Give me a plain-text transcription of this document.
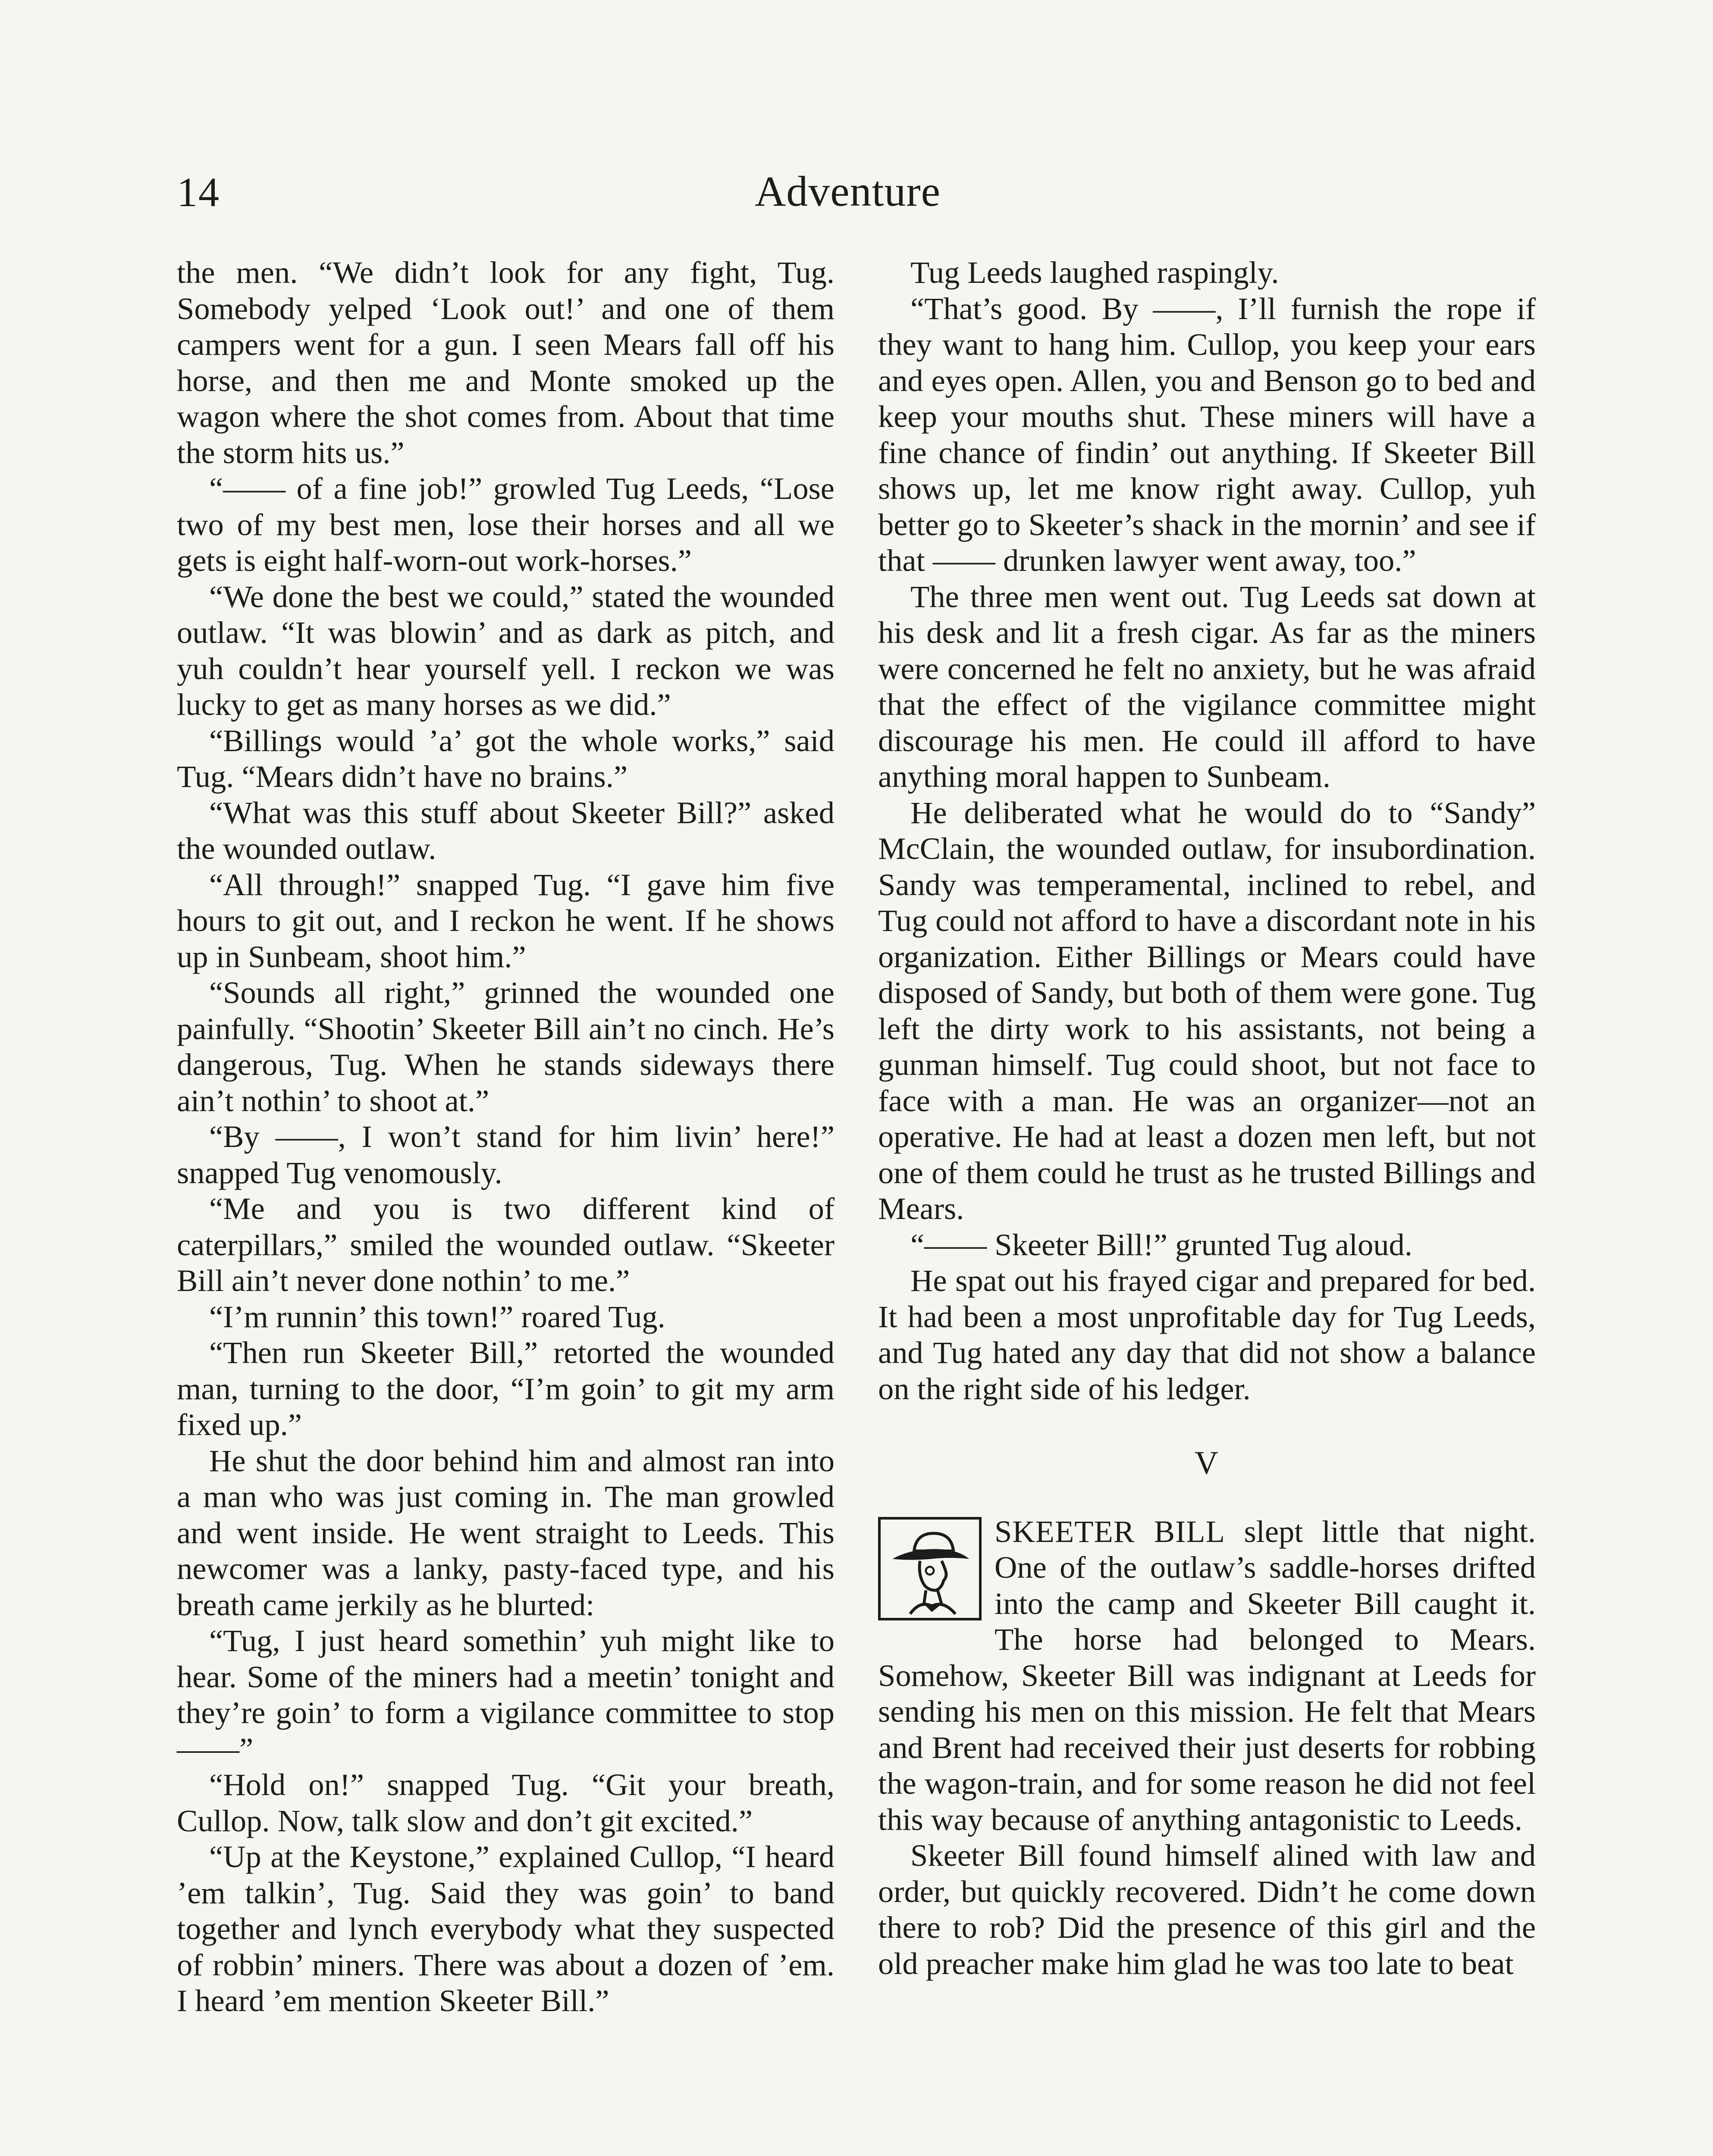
14	Adventure

the men. “We didn’t look for any fight, Tug. Somebody yelped ‘Look out!’ and one of them campers went for a gun. I seen Mears fall off his horse, and then me and Monte smoked up the wagon where the shot comes from. About that time the storm hits us.”

“—— of a fine job!” growled Tug Leeds, “Lose two of my best men, lose their horses and all we gets is eight half-worn-out work-horses.”

“We done the best we could,” stated the wounded outlaw. “It was blowin’ and as dark as pitch, and yuh couldn’t hear yourself yell. I reckon we was lucky to get as many horses as we did.”

“Billings would ’a’ got the whole works,” said Tug. “Mears didn’t have no brains.”

“What was this stuff about Skeeter Bill?” asked the wounded outlaw.

“All through!” snapped Tug. “I gave him five hours to git out, and I reckon he went. If he shows up in Sunbeam, shoot him.”

“Sounds all right,” grinned the wounded one painfully. “Shootin’ Skeeter Bill ain’t no cinch. He’s dangerous, Tug. When he stands sideways there ain’t nothin’ to shoot at.”

“By ——, I won’t stand for him livin’ here!” snapped Tug venomously.

“Me and you is two different kind of caterpillars,” smiled the wounded outlaw. “Skeeter Bill ain’t never done nothin’ to me.”

“I’m runnin’ this town!” roared Tug.

“Then run Skeeter Bill,” retorted the wounded man, turning to the door, “I’m goin’ to git my arm fixed up.”

He shut the door behind him and almost ran into a man who was just coming in. The man growled and went inside. He went straight to Leeds. This newcomer was a lanky, pasty-faced type, and his breath came jerkily as he blurted:

“Tug, I just heard somethin’ yuh might like to hear. Some of the miners had a meetin’ tonight and they’re goin’ to form a vigilance committee to stop——”

“Hold on!” snapped Tug. “Git your breath, Cullop. Now, talk slow and don’t git excited.”

“Up at the Keystone,” explained Cullop, “I heard ’em talkin’, Tug. Said they was goin’ to band together and lynch everybody what they suspected of robbin’ miners. There was about a dozen of ’em. I heard ’em mention Skeeter Bill.”

Tug Leeds laughed raspingly.

“That’s good. By ——, I’ll furnish the rope if they want to hang him. Cullop, you keep your ears and eyes open. Allen, you and Benson go to bed and keep your mouths shut. These miners will have a fine chance of findin’ out anything. If Skeeter Bill shows up, let me know right away. Cullop, yuh better go to Skeeter’s shack in the mornin’ and see if that —— drunken lawyer went away, too.”

The three men went out. Tug Leeds sat down at his desk and lit a fresh cigar. As far as the miners were concerned he felt no anxiety, but he was afraid that the effect of the vigilance committee might discourage his men. He could ill afford to have anything moral happen to Sunbeam.

He deliberated what he would do to “Sandy” McClain, the wounded outlaw, for insubordination. Sandy was temperamental, inclined to rebel, and Tug could not afford to have a discordant note in his organization. Either Billings or Mears could have disposed of Sandy, but both of them were gone. Tug left the dirty work to his assistants, not being a gunman himself. Tug could shoot, but not face to face with a man. He was an organizer—not an operative. He had at least a dozen men left, but not one of them could he trust as he trusted Billings and Mears.

“—— Skeeter Bill!” grunted Tug aloud.

He spat out his frayed cigar and prepared for bed. It had been a most unprofitable day for Tug Leeds, and Tug hated any day that did not show a balance on the right side of his ledger.

V

SKEETER BILL slept little that night. One of the outlaw’s saddle-horses drifted into the camp and Skeeter Bill caught it. The horse had belonged to Mears. Somehow, Skeeter Bill was indignant at Leeds for sending his men on this mission. He felt that Mears and Brent had received their just deserts for robbing the wagon-train, and for some reason he did not feel this way because of anything antagonistic to Leeds.

Skeeter Bill found himself alined with law and order, but quickly recovered. Didn’t he come down there to rob? Did the presence of this girl and the old preacher make him glad he was too late to beat
